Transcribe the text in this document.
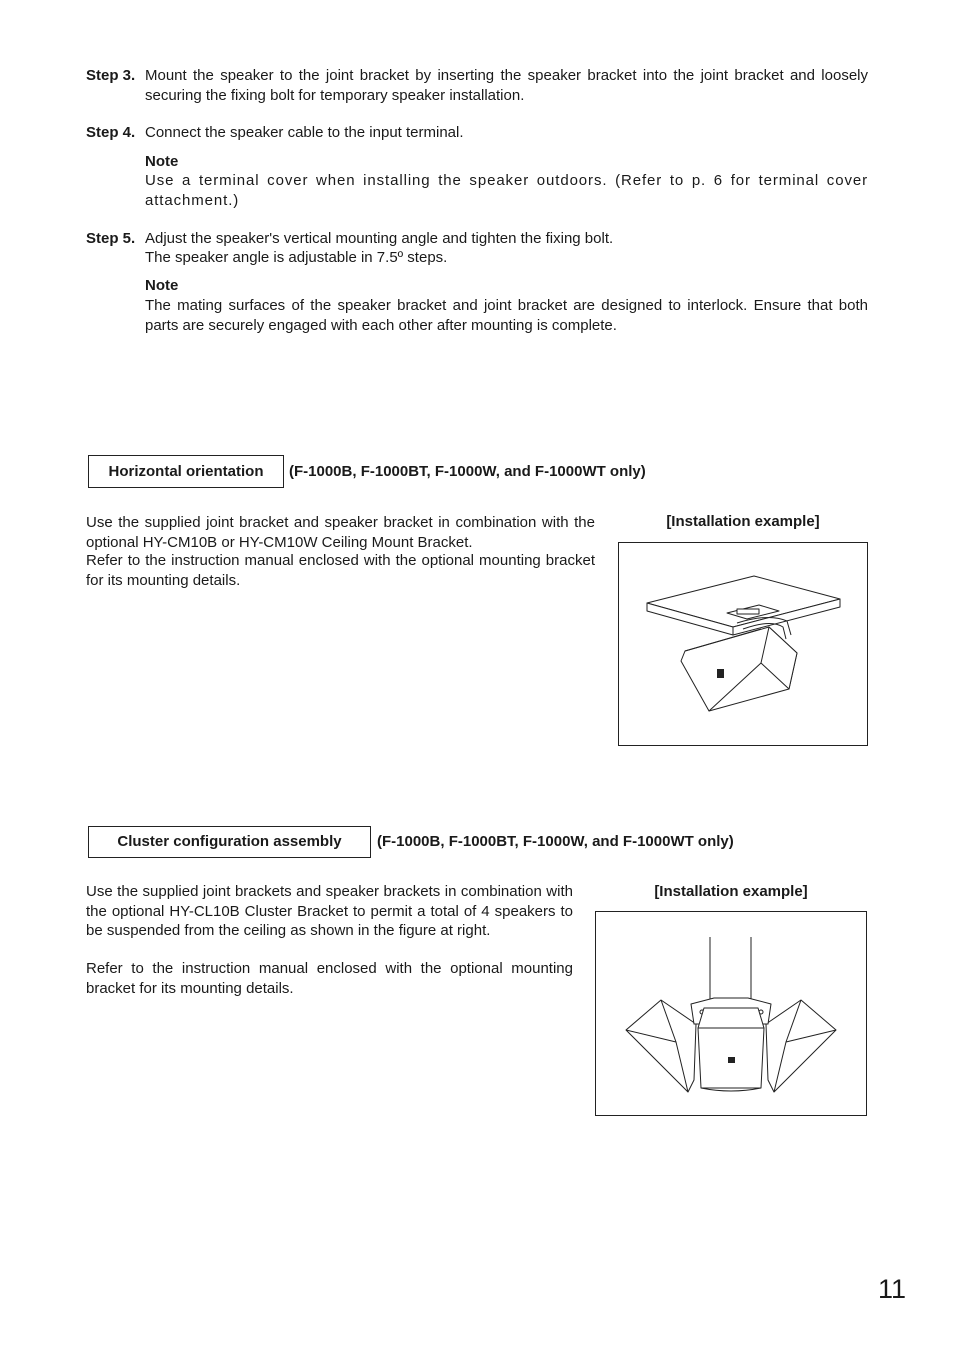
Step 3. Mount the speaker to the joint bracket by inserting the speaker bracket into the joint bracket and loosely securing the fixing bolt for temporary speaker installation.
Step 4. Connect the speaker cable to the input terminal.
Note
Use a terminal cover when installing the speaker outdoors. (Refer to p. 6 for terminal cover attachment.)
Step 5. Adjust the speaker's vertical mounting angle and tighten the fixing bolt.
The speaker angle is adjustable in 7.5º steps.
Note
The mating surfaces of the speaker bracket and joint bracket are designed to interlock. Ensure that both parts are securely engaged with each other after mounting is complete.
Horizontal orientation (F-1000B, F-1000BT, F-1000W, and F-1000WT only)
Use the supplied joint bracket and speaker bracket in combination with the optional HY-CM10B or HY-CM10W Ceiling Mount Bracket.
Refer to the instruction manual enclosed with the optional mounting bracket for its mounting details.
[Installation example]
Cluster configuration assembly (F-1000B, F-1000BT, F-1000W, and F-1000WT only)
Use the supplied joint brackets and speaker brackets in combination with the optional HY-CL10B Cluster Bracket to permit a total of 4 speakers to be suspended from the ceiling as shown in the figure at right.
Refer to the instruction manual enclosed with the optional mounting bracket for its mounting details.
[Installation example]
11
